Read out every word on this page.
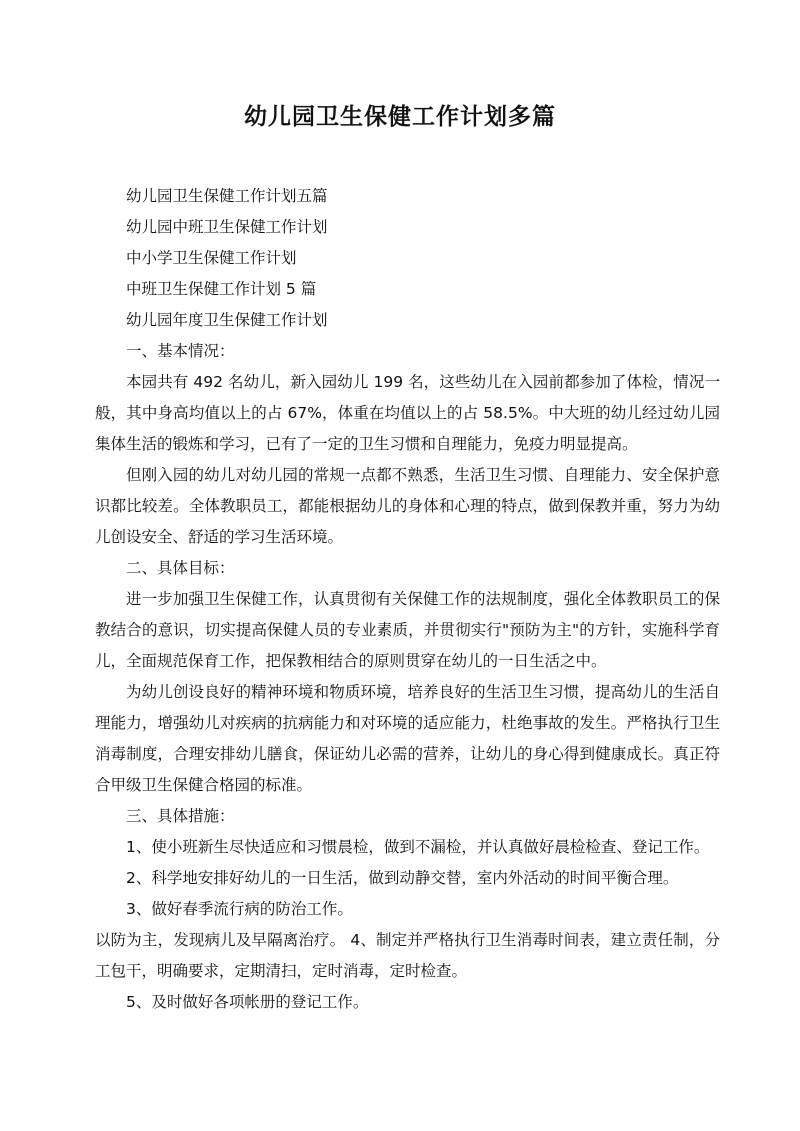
幼儿园卫生保健工作计划多篇

幼儿园卫生保健工作计划五篇

幼儿园中班卫生保健工作计划

中小学卫生保健工作计划

中班卫生保健工作计划 5 篇

幼儿园年度卫生保健工作计划

一、基本情况：

本园共有 492 名幼儿，新入园幼儿 199 名，这些幼儿在入园前都参加了体检，情况一般，其中身高均值以上的占 67%，体重在均值以上的占 58.5%。中大班的幼儿经过幼儿园集体生活的锻炼和学习，已有了一定的卫生习惯和自理能力，免疫力明显提高。

但刚入园的幼儿对幼儿园的常规一点都不熟悉，生活卫生习惯、自理能力、安全保护意识都比较差。全体教职员工，都能根据幼儿的身体和心理的特点，做到保教并重，努力为幼儿创设安全、舒适的学习生活环境。

二、具体目标：

进一步加强卫生保健工作，认真贯彻有关保健工作的法规制度，强化全体教职员工的保教结合的意识，切实提高保健人员的专业素质，并贯彻实行"预防为主"的方针，实施科学育儿，全面规范保育工作，把保教相结合的原则贯穿在幼儿的一日生活之中。

为幼儿创设良好的精神环境和物质环境，培养良好的生活卫生习惯，提高幼儿的生活自理能力，增强幼儿对疾病的抗病能力和对环境的适应能力，杜绝事故的发生。严格执行卫生消毒制度，合理安排幼儿膳食，保证幼儿必需的营养，让幼儿的身心得到健康成长。真正符合甲级卫生保健合格园的标准。

三、具体措施：

1、使小班新生尽快适应和习惯晨检，做到不漏检，并认真做好晨检检查、登记工作。

2、科学地安排好幼儿的一日生活，做到动静交替，室内外活动的时间平衡合理。

3、做好春季流行病的防治工作。

以防为主，发现病儿及早隔离治疗。 4、制定并严格执行卫生消毒时间表，建立责任制，分工包干，明确要求，定期清扫，定时消毒，定时检查。

5、及时做好各项帐册的登记工作。
